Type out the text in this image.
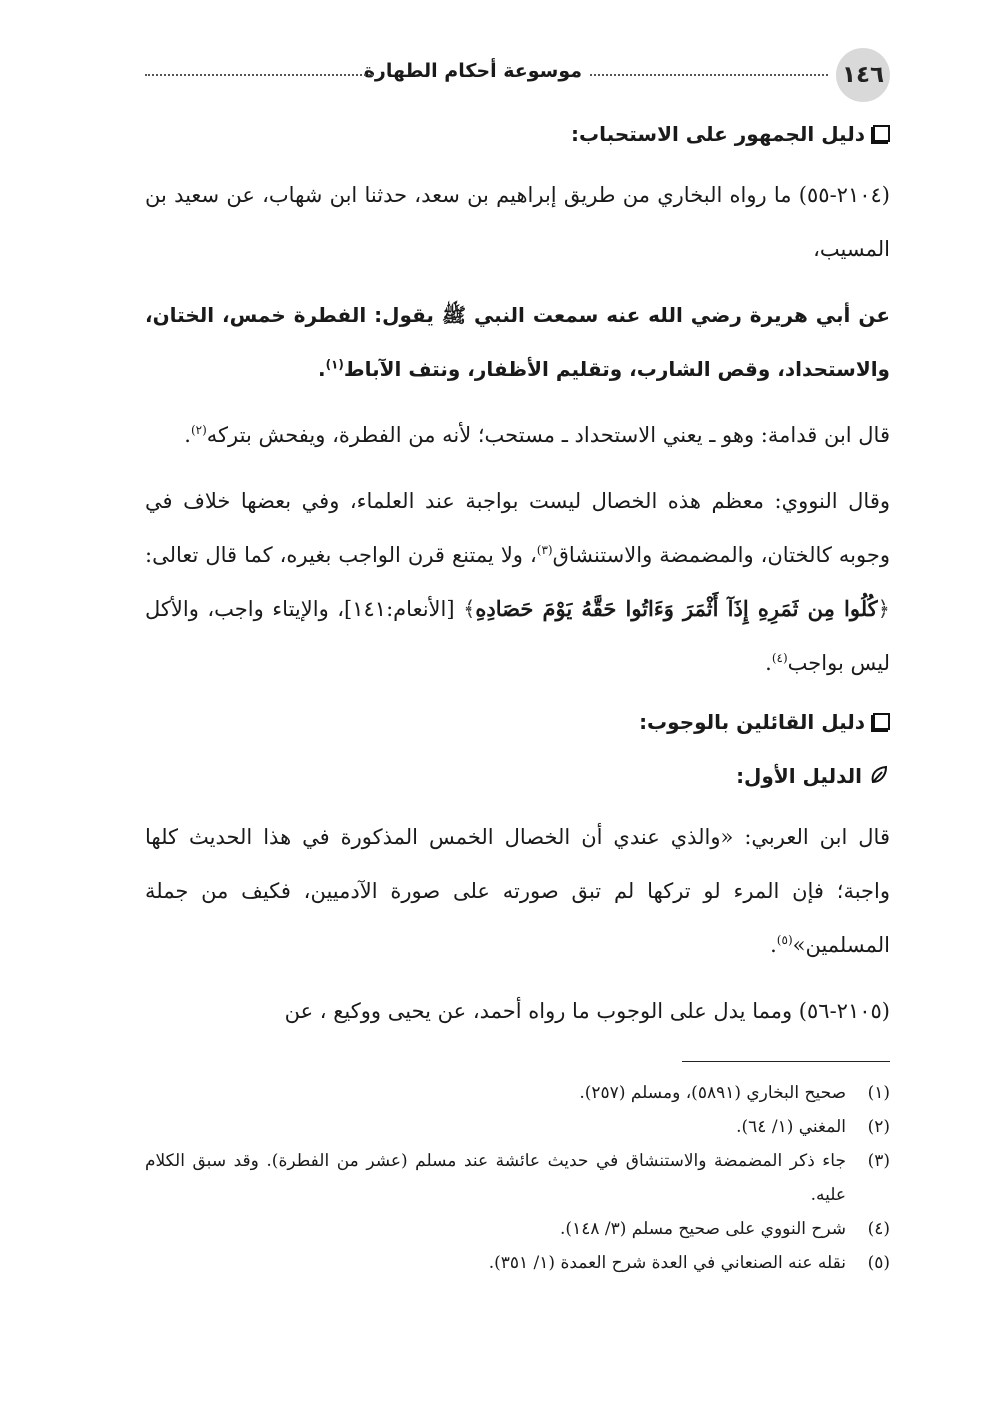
١٤٦
موسوعة أحكام الطهارة
دليل الجمهور على الاستحباب:

(٢١٠٤-٥٥) ما رواه البخاري من طريق إبراهيم بن سعد، حدثنا ابن شهاب، عن سعيد بن المسيب،

عن أبي هريرة رضي الله عنه سمعت النبي ﷺ يقول: الفطرة خمس، الختان، والاستحداد، وقص الشارب، وتقليم الأظفار، ونتف الآباط$^{(١)}$.

قال ابن قدامة: وهو ـ يعني الاستحداد ـ مستحب؛ لأنه من الفطرة، ويفحش بتركه$^{(٢)}$.

وقال النووي: معظم هذه الخصال ليست بواجبة عند العلماء، وفي بعضها خلاف في وجوبه كالختان، والمضمضة والاستنشاق$^{(٣)}$، ولا يمتنع قرن الواجب بغيره، كما قال تعالى: ﴿كُلُوا مِن ثَمَرِهِ إِذَآ أَثْمَرَ وَءَاتُوا حَقَّهُ يَوْمَ حَصَادِهِ﴾ [الأنعام:١٤١]، والإيتاء واجب، والأكل ليس بواجب$^{(٤)}$.

دليل القائلين بالوجوب:
الدليل الأول:

قال ابن العربي: «والذي عندي أن الخصال الخمس المذكورة في هذا الحديث كلها واجبة؛ فإن المرء لو تركها لم تبق صورته على صورة الآدميين، فكيف من جملة المسلمين»$^{(٥)}$.

(٢١٠٥-٥٦) ومما يدل على الوجوب ما رواه أحمد، عن يحيى ووكيع ، عن

(١)
صحيح البخاري (٥٨٩١)، ومسلم (٢٥٧).
(٢)
المغني (١/ ٦٤).
(٣)
جاء ذكر المضمضة والاستنشاق في حديث عائشة عند مسلم (عشر من الفطرة). وقد سبق الكلام عليه.
(٤)
شرح النووي على صحيح مسلم (٣/ ١٤٨).
(٥)
نقله عنه الصنعاني في العدة شرح العمدة (١/ ٣٥١).
